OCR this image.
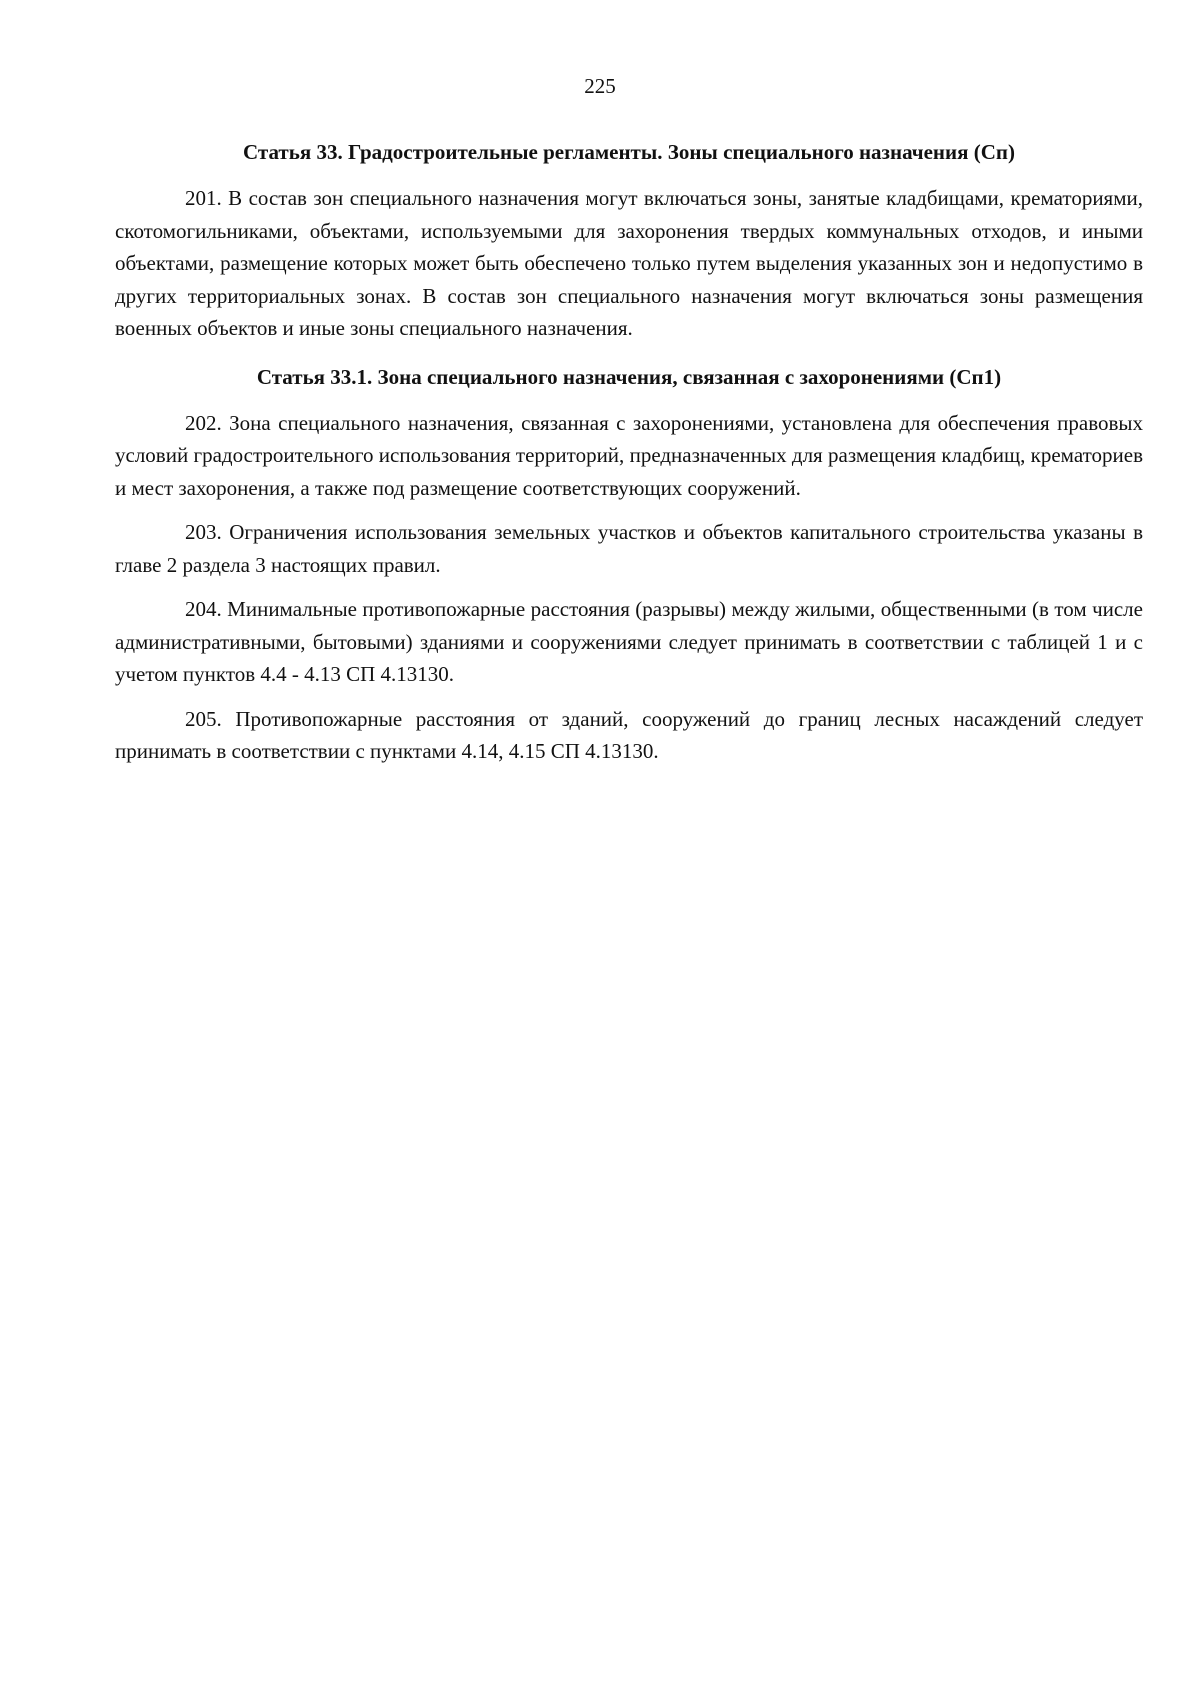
225
Статья 33. Градостроительные регламенты. Зоны специального назначения (Сп)

201. В состав зон специального назначения могут включаться зоны, занятые кладбищами, крематориями, скотомогильниками, объектами, используемыми для захоронения твердых коммунальных отходов, и иными объектами, размещение которых может быть обеспечено только путем выделения указанных зон и недопустимо в других территориальных зонах. В состав зон специального назначения могут включаться зоны размещения военных объектов и иные зоны специального назначения.

Статья 33.1. Зона специального назначения, связанная с захоронениями (Сп1)

202. Зона специального назначения, связанная с захоронениями, установлена для обеспечения правовых условий градостроительного использования территорий, предназначенных для размещения кладбищ, крематориев и мест захоронения, а также под размещение соответствующих сооружений.

203. Ограничения использования земельных участков и объектов капитального строительства указаны в главе 2 раздела 3 настоящих правил.

204. Минимальные противопожарные расстояния (разрывы) между жилыми, общественными (в том числе административными, бытовыми) зданиями и сооружениями следует принимать в соответствии с таблицей 1 и с учетом пунктов 4.4 - 4.13 СП 4.13130.

205. Противопожарные расстояния от зданий, сооружений до границ лесных насаждений следует принимать в соответствии с пунктами 4.14, 4.15 СП 4.13130.
